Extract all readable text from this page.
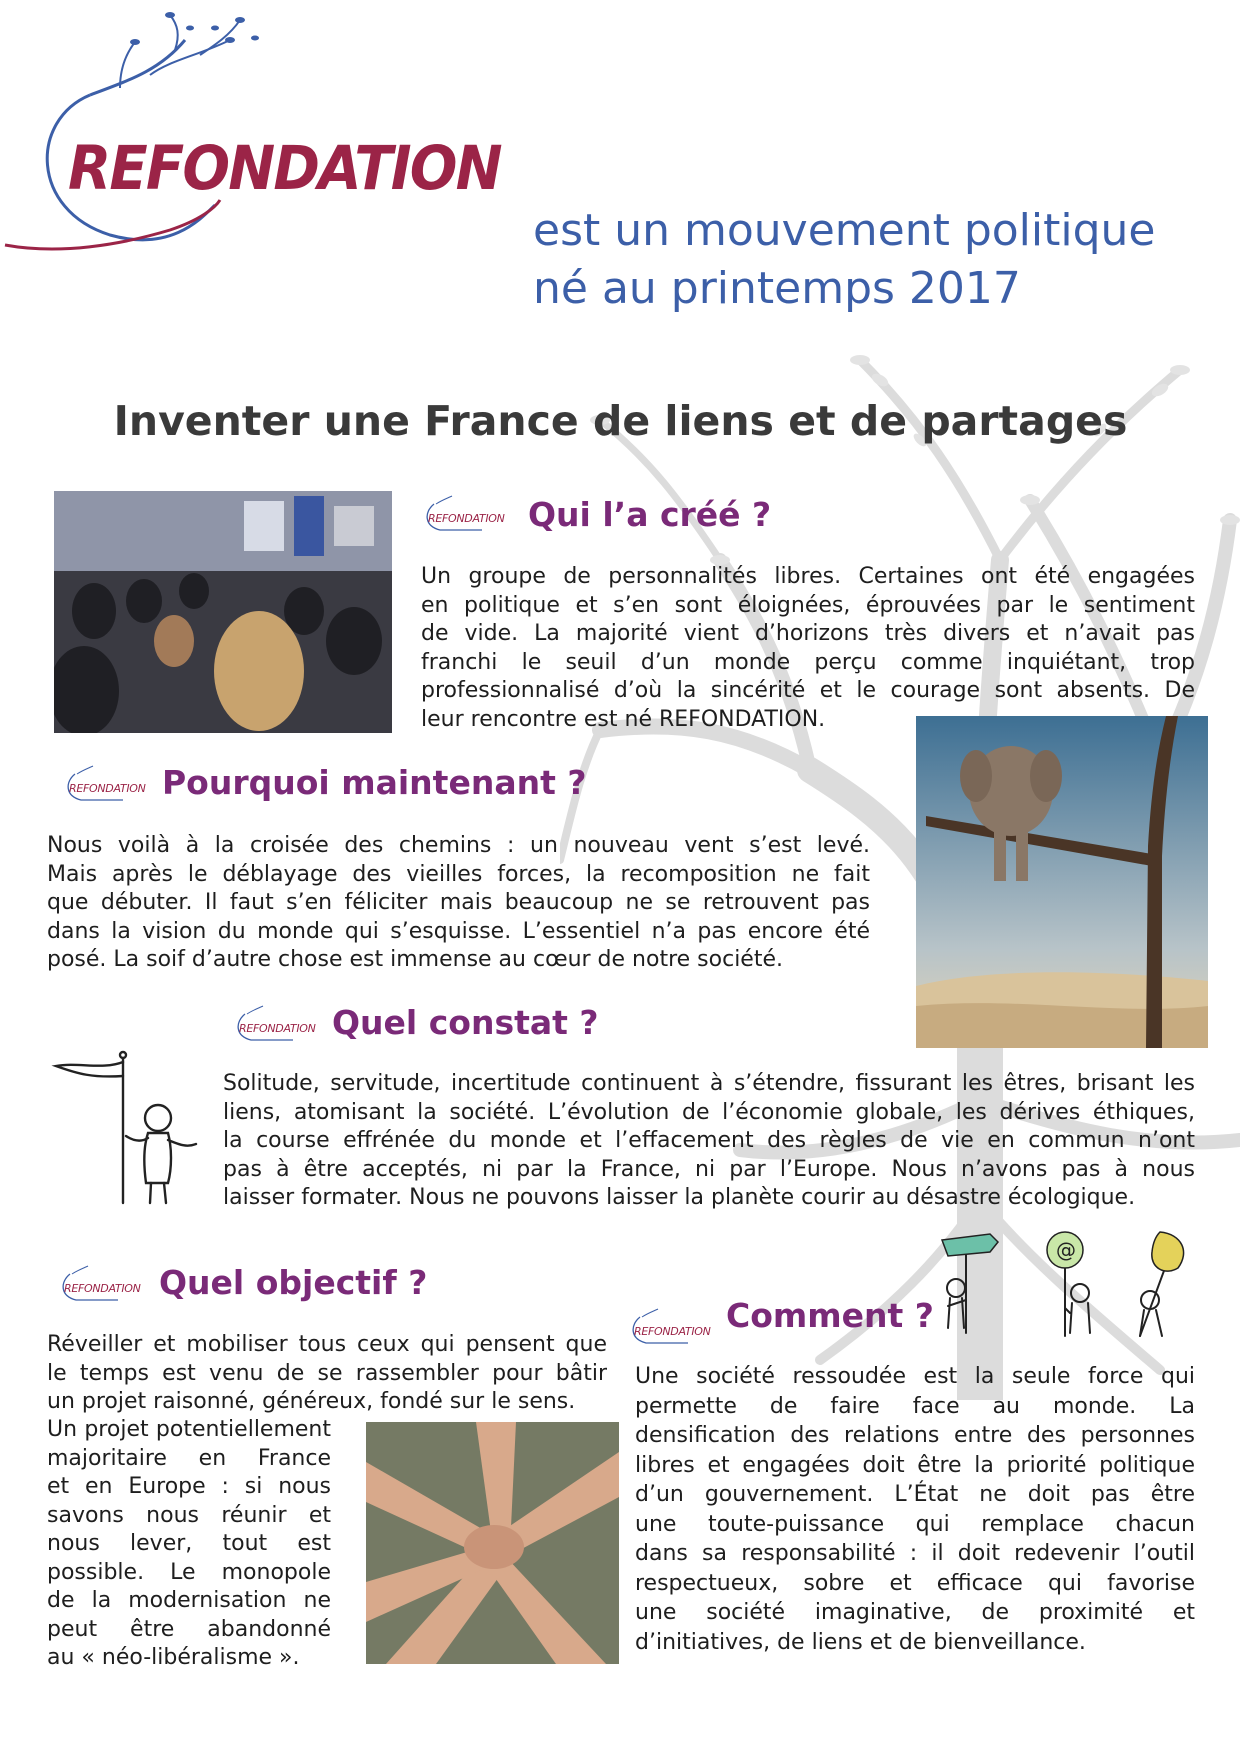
REFONDATION
est un mouvement politique
né au printemps 2017
Inventer une France de liens et de partages
REFONDATION Qui l’a créé ?
Un groupe de personnalités libres. Certaines ont été engagées
en politique et s’en sont éloignées, éprouvées par le sentiment
de vide. La majorité vient d’horizons très divers et n’avait pas
franchi le seuil d’un monde perçu comme inquiétant, trop
professionnalisé d’où la sincérité et le courage sont absents. De
leur rencontre est né REFONDATION.
REFONDATION Pourquoi maintenant ?
Nous voilà à la croisée des chemins : un nouveau vent s’est levé.
Mais après le déblayage des vieilles forces, la recomposition ne fait
que débuter. Il faut s’en féliciter mais beaucoup ne se retrouvent pas
dans la vision du monde qui s’esquisse. L’essentiel n’a pas encore été
posé. La soif d’autre chose est immense au cœur de notre société.
REFONDATION Quel constat ?
Solitude, servitude, incertitude continuent à s’étendre, fissurant les êtres, brisant les
liens, atomisant la société. L’évolution de l’économie globale, les dérives éthiques,
la course effrénée du monde et l’effacement des règles de vie en commun n’ont
pas à être acceptés, ni par la France, ni par l’Europe. Nous n’avons pas à nous
laisser formater. Nous ne pouvons laisser la planète courir au désastre écologique.
REFONDATION Quel objectif ?
Réveiller et mobiliser tous ceux qui pensent que
le temps est venu de se rassembler pour bâtir
un projet raisonné, généreux, fondé sur le sens.
Un projet potentiellement
majoritaire en France
et en Europe : si nous
savons nous réunir et
nous lever, tout est
possible. Le monopole
de la modernisation ne
peut être abandonné
au « néo-libéralisme ».
REFONDATION Comment ?
@
Une société ressoudée est la seule force qui
permette de faire face au monde. La
densification des relations entre des personnes
libres et engagées doit être la priorité politique
d’un gouvernement. L’État ne doit pas être
une toute-puissance qui remplace chacun
dans sa responsabilité : il doit redevenir l’outil
respectueux, sobre et efficace qui favorise
une société imaginative, de proximité et
d’initiatives, de liens et de bienveillance.
